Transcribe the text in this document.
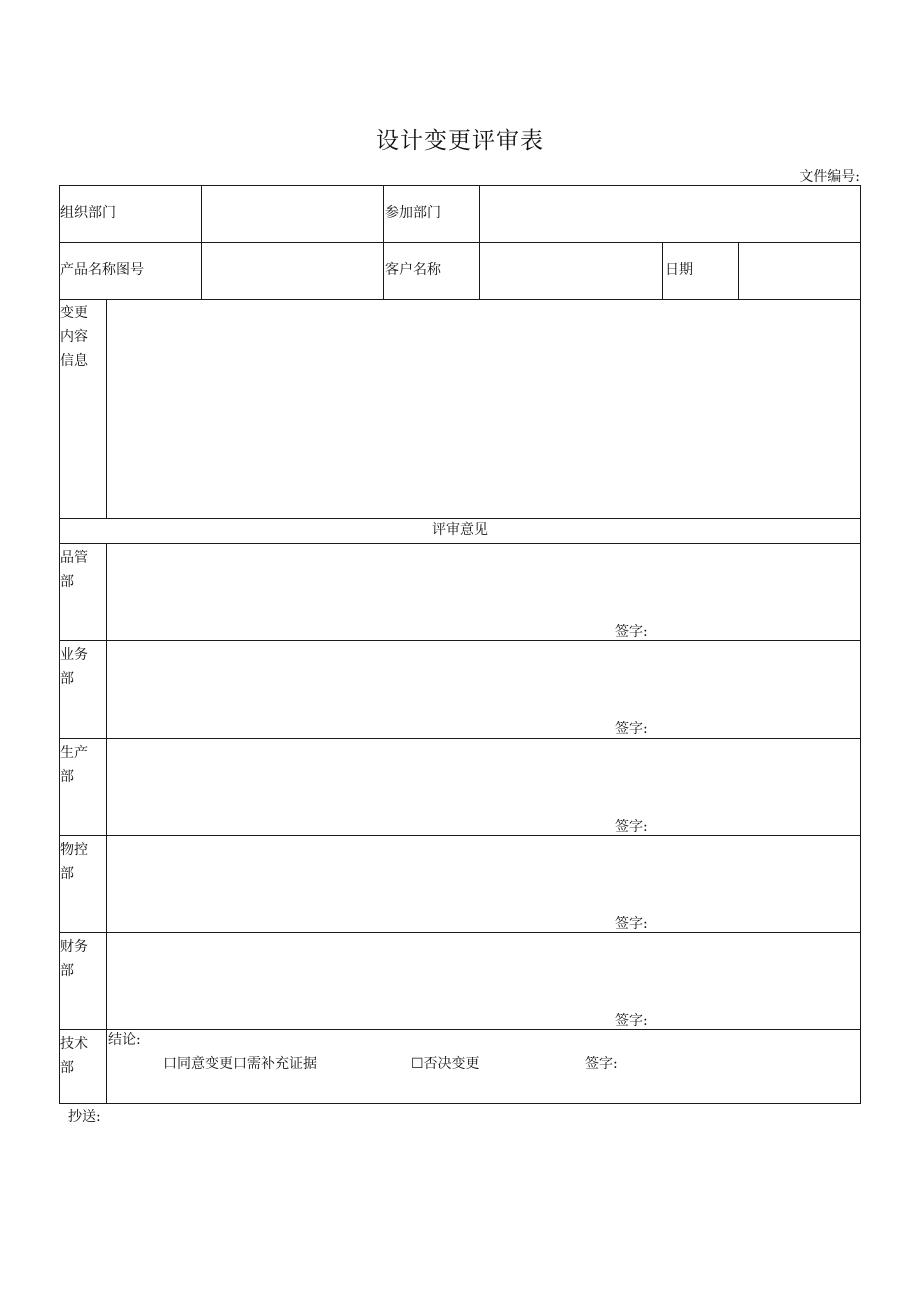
设计变更评审表
文件编号:
组织部门	参加部门
产品名称图号	客户名称	日期
变更
内容
信息
评审意见
品管
部
签字:
业务
部
签字:
生产
部
签字:
物控
部
签字:
财务
部
签字:
技术
部
结论:
口同意变更口需补充证据	☐否决变更	签字:
抄送:
